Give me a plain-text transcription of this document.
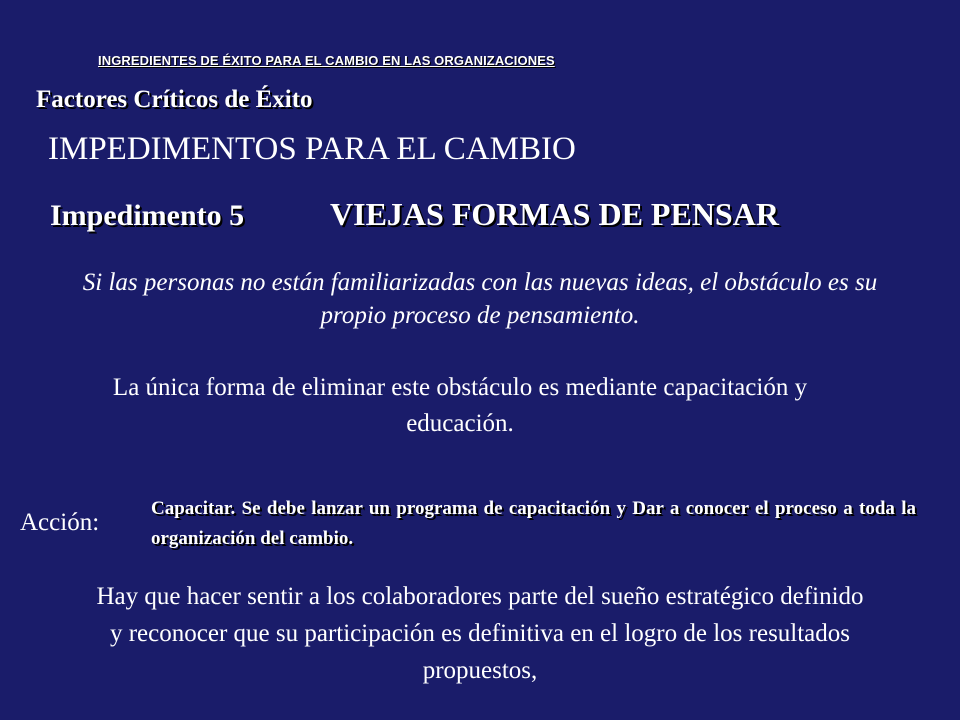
INGREDIENTES DE ÉXITO PARA EL CAMBIO EN LAS ORGANIZACIONES
Factores Críticos de Éxito
IMPEDIMENTOS PARA EL CAMBIO
Impedimento 5	VIEJAS FORMAS DE PENSAR
Si las personas no están familiarizadas con las nuevas ideas, el obstáculo es su propio proceso de pensamiento.
La única forma de eliminar este obstáculo es mediante capacitación y educación.
Acción:
Capacitar. Se debe lanzar un programa de capacitación y Dar a conocer el proceso a toda la organización del cambio.
Hay que hacer sentir a los colaboradores parte del sueño estratégico definido y reconocer que su participación es definitiva en el logro de los resultados propuestos,
